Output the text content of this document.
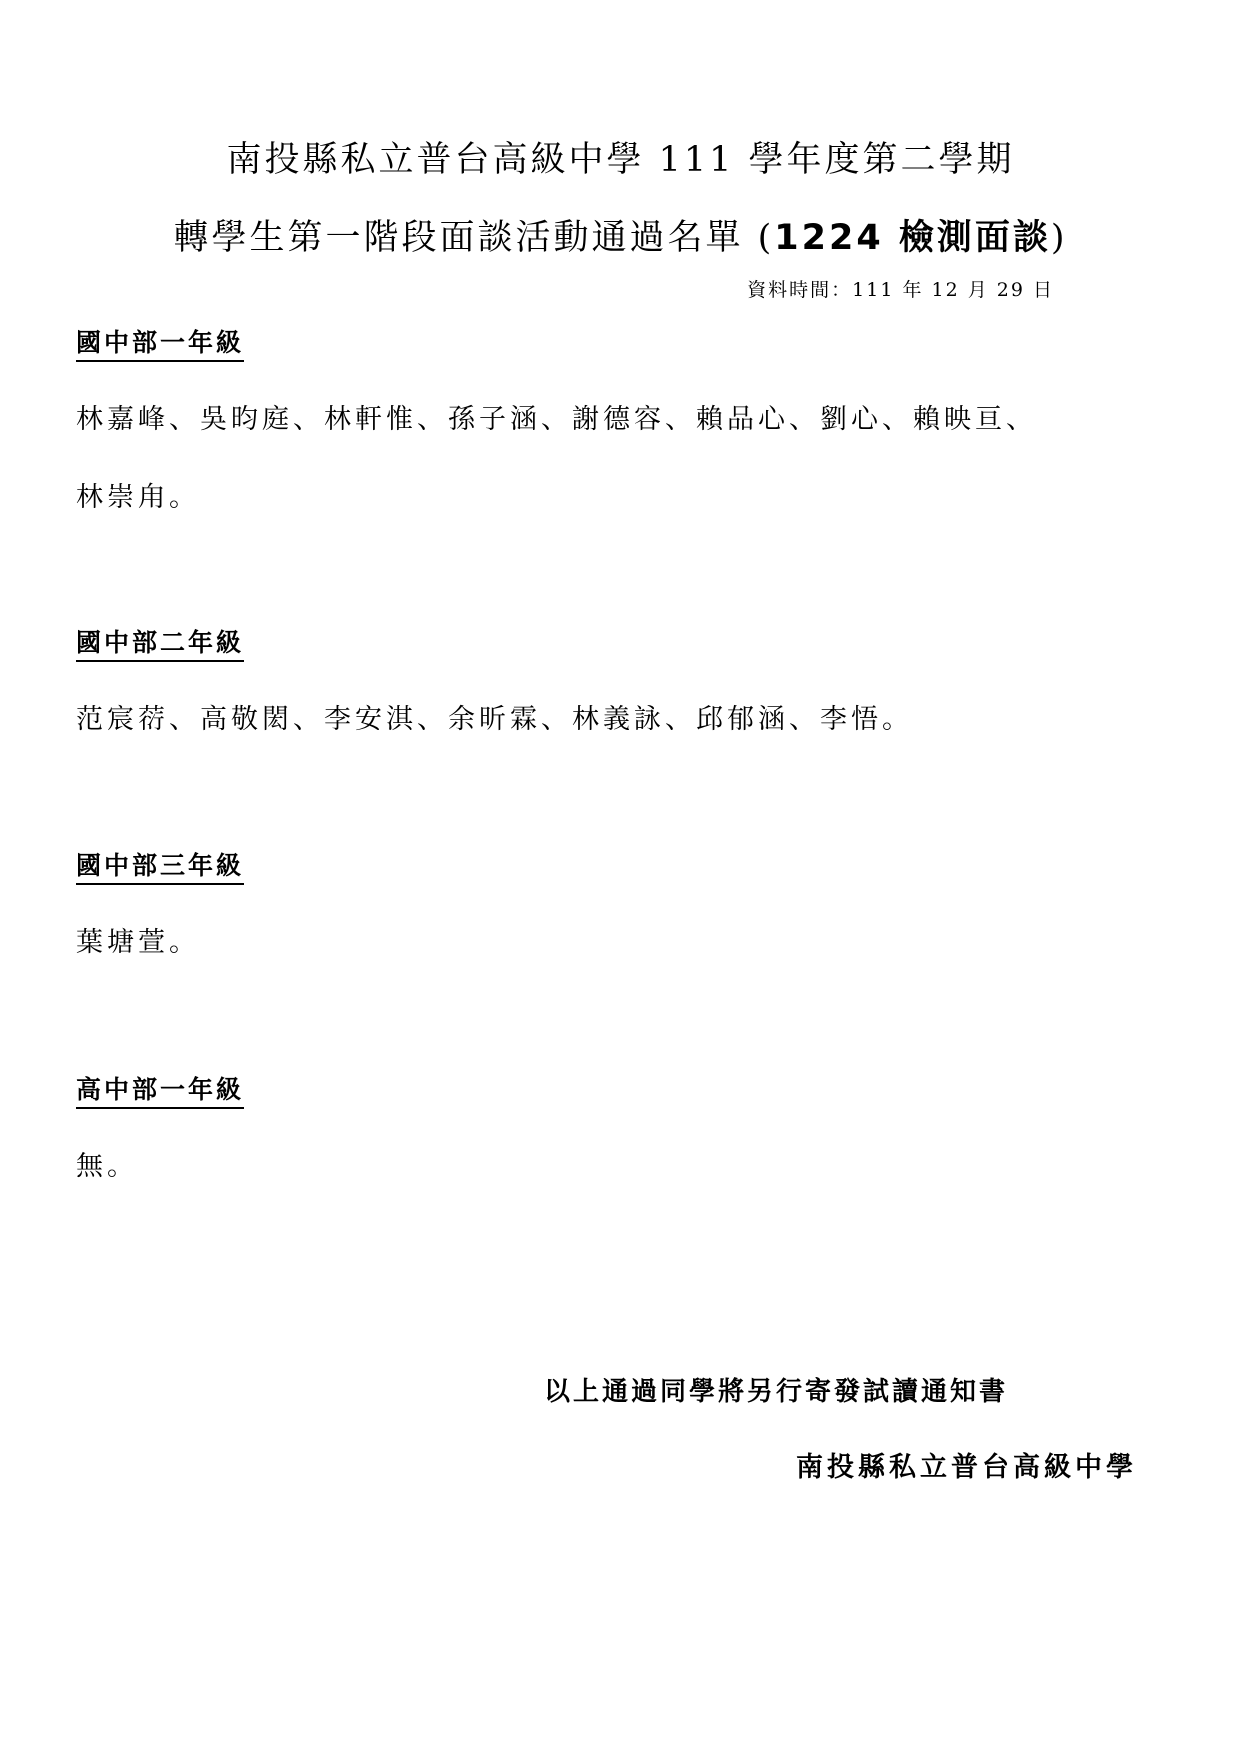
南投縣私立普台高級中學 111 學年度第二學期
轉學生第一階段面談活動通過名單 (1224 檢測面談)
資料時間：111 年 12 月 29 日
國中部一年級
林嘉峰、吳昀庭、林軒惟、孫子涵、謝德容、賴品心、劉心、賴映亘、
林崇甪。
國中部二年級
范宸葕、高敬閎、李安淇、余昕霖、林義詠、邱郁涵、李悟。
國中部三年級
葉塘萱。
高中部一年級
無。
以上通過同學將另行寄發試讀通知書
南投縣私立普台高級中學
